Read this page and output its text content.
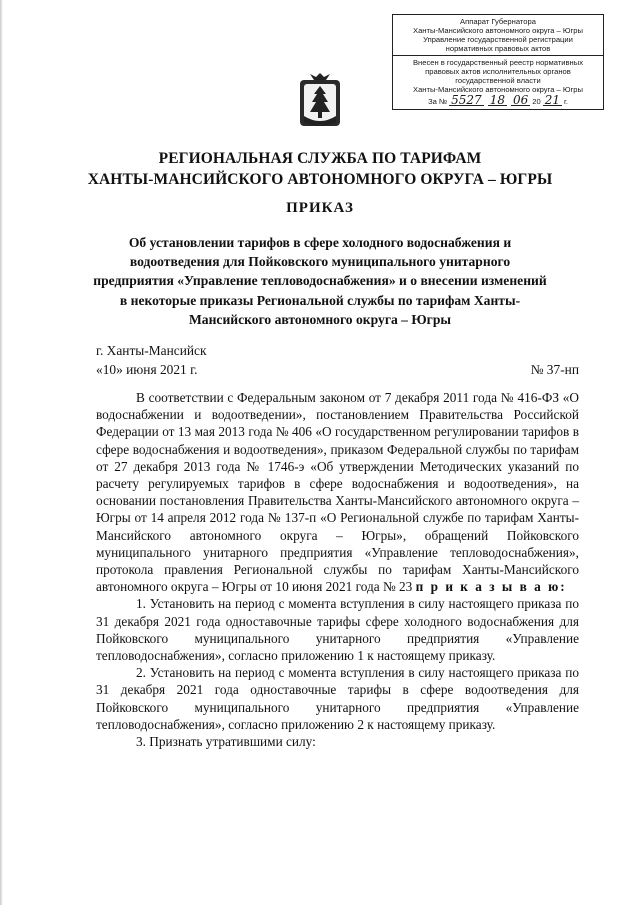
Аппарат Губернатора
Ханты-Мансийского автономного округа – Югры
Управление государственной регистрации
нормативных правовых актов
Внесен в государственный реестр нормативных
правовых актов исполнительных органов
государственной власти
Ханты-Мансийского автономного округа – Югры
За № 5527 18 06 20 21 г.
РЕГИОНАЛЬНАЯ СЛУЖБА ПО ТАРИФАМ
ХАНТЫ-МАНСИЙСКОГО АВТОНОМНОГО ОКРУГА – ЮГРЫ
ПРИКАЗ
Об установлении тарифов в сфере холодного водоснабжения и водоотведения для Пойковского муниципального унитарного предприятия «Управление тепловодоснабжения» и о внесении изменений в некоторые приказы Региональной службы по тарифам Ханты-Мансийского автономного округа – Югры
г. Ханты-Мансийск
«10» июня 2021 г.	№ 37-нп

В соответствии с Федеральным законом от 7 декабря 2011 года № 416-ФЗ «О водоснабжении и водоотведении», постановлением Правительства Российской Федерации от 13 мая 2013 года № 406 «О государственном регулировании тарифов в сфере водоснабжения и водоотведения», приказом Федеральной службы по тарифам от 27 декабря 2013 года № 1746-э «Об утверждении Методических указаний по расчету регулируемых тарифов в сфере водоснабжения и водоотведения», на основании постановления Правительства Ханты-Мансийского автономного округа – Югры от 14 апреля 2012 года № 137-п «О Региональной службе по тарифам Ханты-Мансийского автономного округа – Югры», обращений Пойковского муниципального унитарного предприятия «Управление тепловодоснабжения», протокола правления Региональной службы по тарифам Ханты-Мансийского автономного округа – Югры от 10 июня 2021 года № 23 п р и к а з ы в а ю:

1. Установить на период с момента вступления в силу настоящего приказа по 31 декабря 2021 года одноставочные тарифы сфере холодного водоснабжения для Пойковского муниципального унитарного предприятия «Управление тепловодоснабжения», согласно приложению 1 к настоящему приказу.

2. Установить на период с момента вступления в силу настоящего приказа по 31 декабря 2021 года одноставочные тарифы в сфере водоотведения для Пойковского муниципального унитарного предприятия «Управление тепловодоснабжения», согласно приложению 2 к настоящему приказу.

3. Признать утратившими силу:
